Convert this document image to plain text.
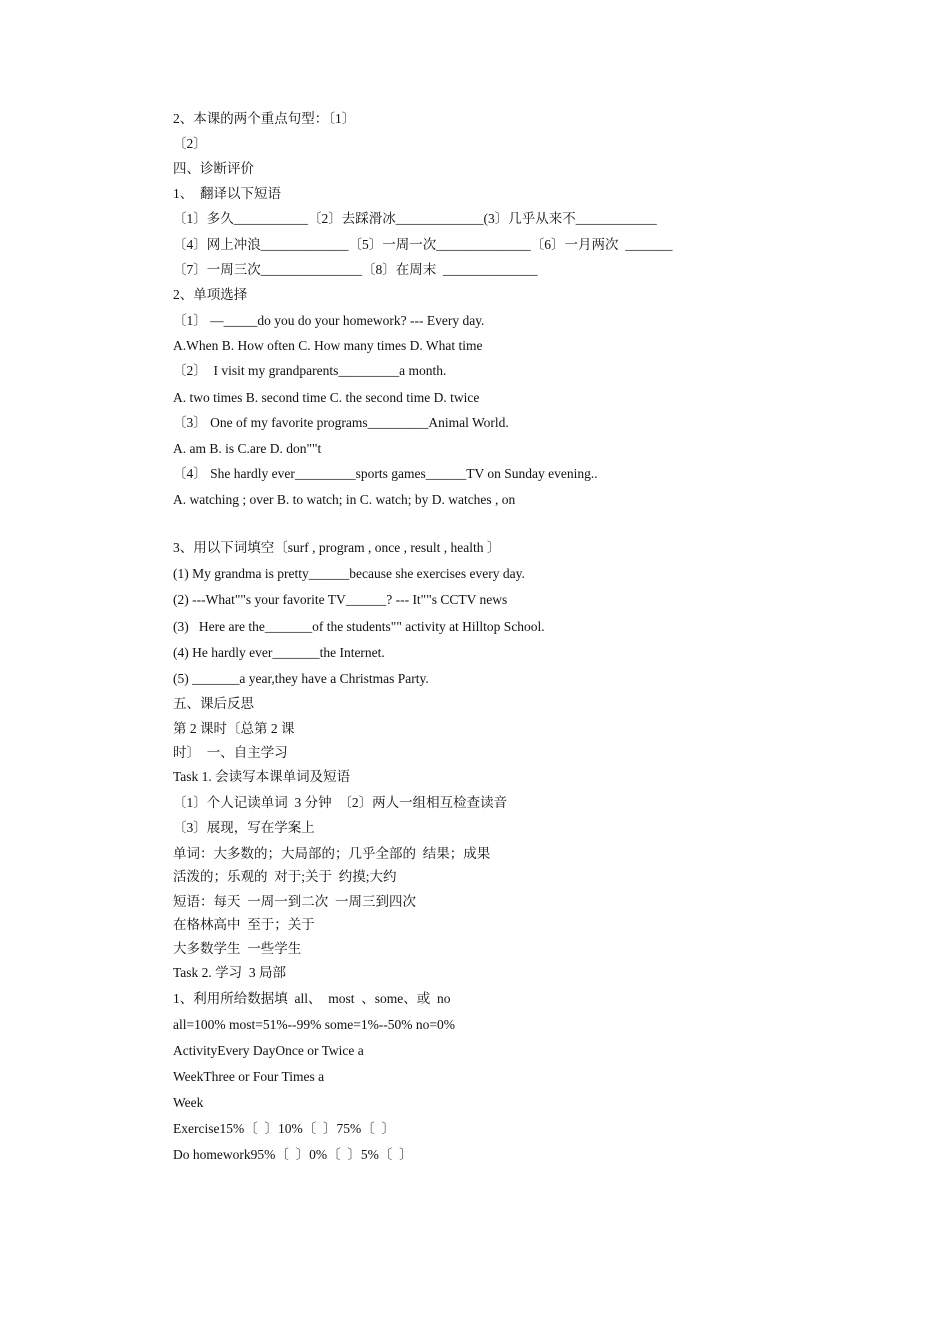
2、本课的两个重点句型：〔1〕
〔2〕
四、诊断评价
1、  翻译以下短语
〔1〕多久___________〔2〕去踩滑冰_____________(3〕几乎从来不____________
〔4〕网上冲浪_____________〔5〕一周一次______________〔6〕一月两次  _______
〔7〕一周三次_______________〔8〕在周末  ______________
2、单项选择
〔1〕 ―_____do you do your homework? --- Every day.
A.When B. How often C. How many times D. What time
〔2〕  I visit my grandparents_________a month.
A. two times B. second time C. the second time D. twice
〔3〕 One of my favorite programs_________Animal World.
A. am B. is C.are D. don""t
〔4〕 She hardly ever_________sports games______TV on Sunday evening..
A. watching ; over B. to watch; in C. watch; by D. watches , on
3、用以下词填空〔surf , program , once , result , health 〕
(1) My grandma is pretty______because she exercises every day.
(2) ---What""s your favorite TV______? --- It""s CCTV news
(3)   Here are the_______of the students"" activity at Hilltop School.
(4) He hardly ever_______the Internet.
(5) _______a year,they have a Christmas Party.
五、课后反思
第 2 课时〔总第 2 课
时〕  一、自主学习
Task 1. 会读写本课单词及短语
〔1〕个人记读单词  3 分钟  〔2〕两人一组相互检查读音
〔3〕展现，写在学案上
单词：大多数的；大局部的；几乎全部的  结果；成果
活泼的；乐观的  对于;关于  约摸;大约
短语：每天  一周一到二次  一周三到四次
在格林高中  至于；关于
大多数学生  一些学生
Task 2. 学习  3 局部
1、利用所给数据填  all、  most  、some、或  no
all=100% most=51%--99% some=1%--50% no=0%
ActivityEvery DayOnce or Twice a
WeekThree or Four Times a
Week
Exercise15%〔  〕10%〔  〕75%〔  〕
Do homework95%〔  〕0%〔  〕5%〔  〕
